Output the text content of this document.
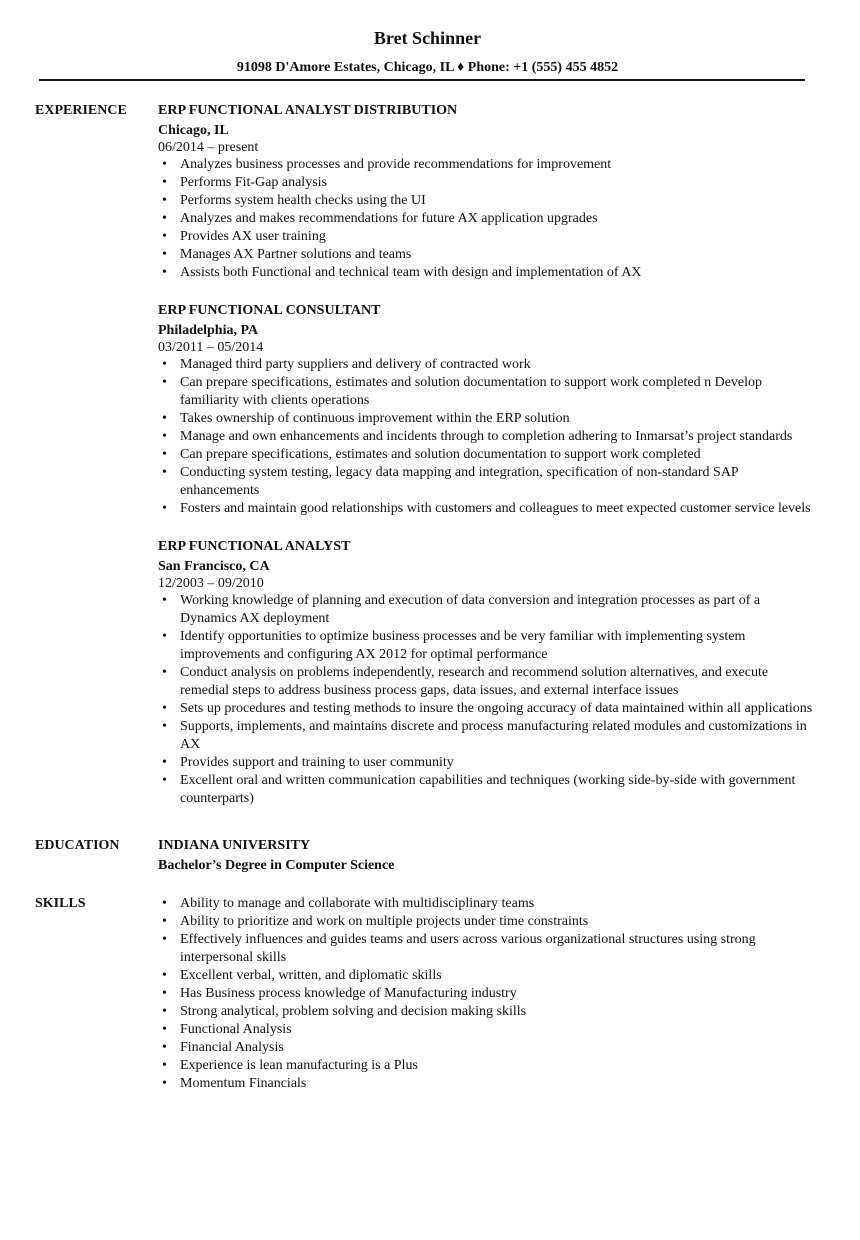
Bret Schinner
91098 D'Amore Estates, Chicago, IL ♦ Phone: +1 (555) 455 4852
EXPERIENCE	ERP FUNCTIONAL ANALYST DISTRIBUTION
Chicago, IL
06/2014 – present
• Analyzes business processes and provide recommendations for improvement
• Performs Fit-Gap analysis
• Performs system health checks using the UI
• Analyzes and makes recommendations for future AX application upgrades
• Provides AX user training
• Manages AX Partner solutions and teams
• Assists both Functional and technical team with design and implementation of AX
ERP FUNCTIONAL CONSULTANT
Philadelphia, PA
03/2011 – 05/2014
• Managed third party suppliers and delivery of contracted work
• Can prepare specifications, estimates and solution documentation to support work completed n Develop familiarity with clients operations
• Takes ownership of continuous improvement within the ERP solution
• Manage and own enhancements and incidents through to completion adhering to Inmarsat’s project standards
• Can prepare specifications, estimates and solution documentation to support work completed
• Conducting system testing, legacy data mapping and integration, specification of non-standard SAP enhancements
• Fosters and maintain good relationships with customers and colleagues to meet expected customer service levels
ERP FUNCTIONAL ANALYST
San Francisco, CA
12/2003 – 09/2010
• Working knowledge of planning and execution of data conversion and integration processes as part of a Dynamics AX deployment
• Identify opportunities to optimize business processes and be very familiar with implementing system improvements and configuring AX 2012 for optimal performance
• Conduct analysis on problems independently, research and recommend solution alternatives, and execute remedial steps to address business process gaps, data issues, and external interface issues
• Sets up procedures and testing methods to insure the ongoing accuracy of data maintained within all applications
• Supports, implements, and maintains discrete and process manufacturing related modules and customizations in AX
• Provides support and training to user community
• Excellent oral and written communication capabilities and techniques (working side-by-side with government counterparts)
EDUCATION	INDIANA UNIVERSITY
Bachelor’s Degree in Computer Science
SKILLS
•	Ability to manage and collaborate with multidisciplinary teams
• Ability to prioritize and work on multiple projects under time constraints
• Effectively influences and guides teams and users across various organizational structures using strong interpersonal skills
• Excellent verbal, written, and diplomatic skills
• Has Business process knowledge of Manufacturing industry
• Strong analytical, problem solving and decision making skills
• Functional Analysis
• Financial Analysis
• Experience is lean manufacturing is a Plus
• Momentum Financials
